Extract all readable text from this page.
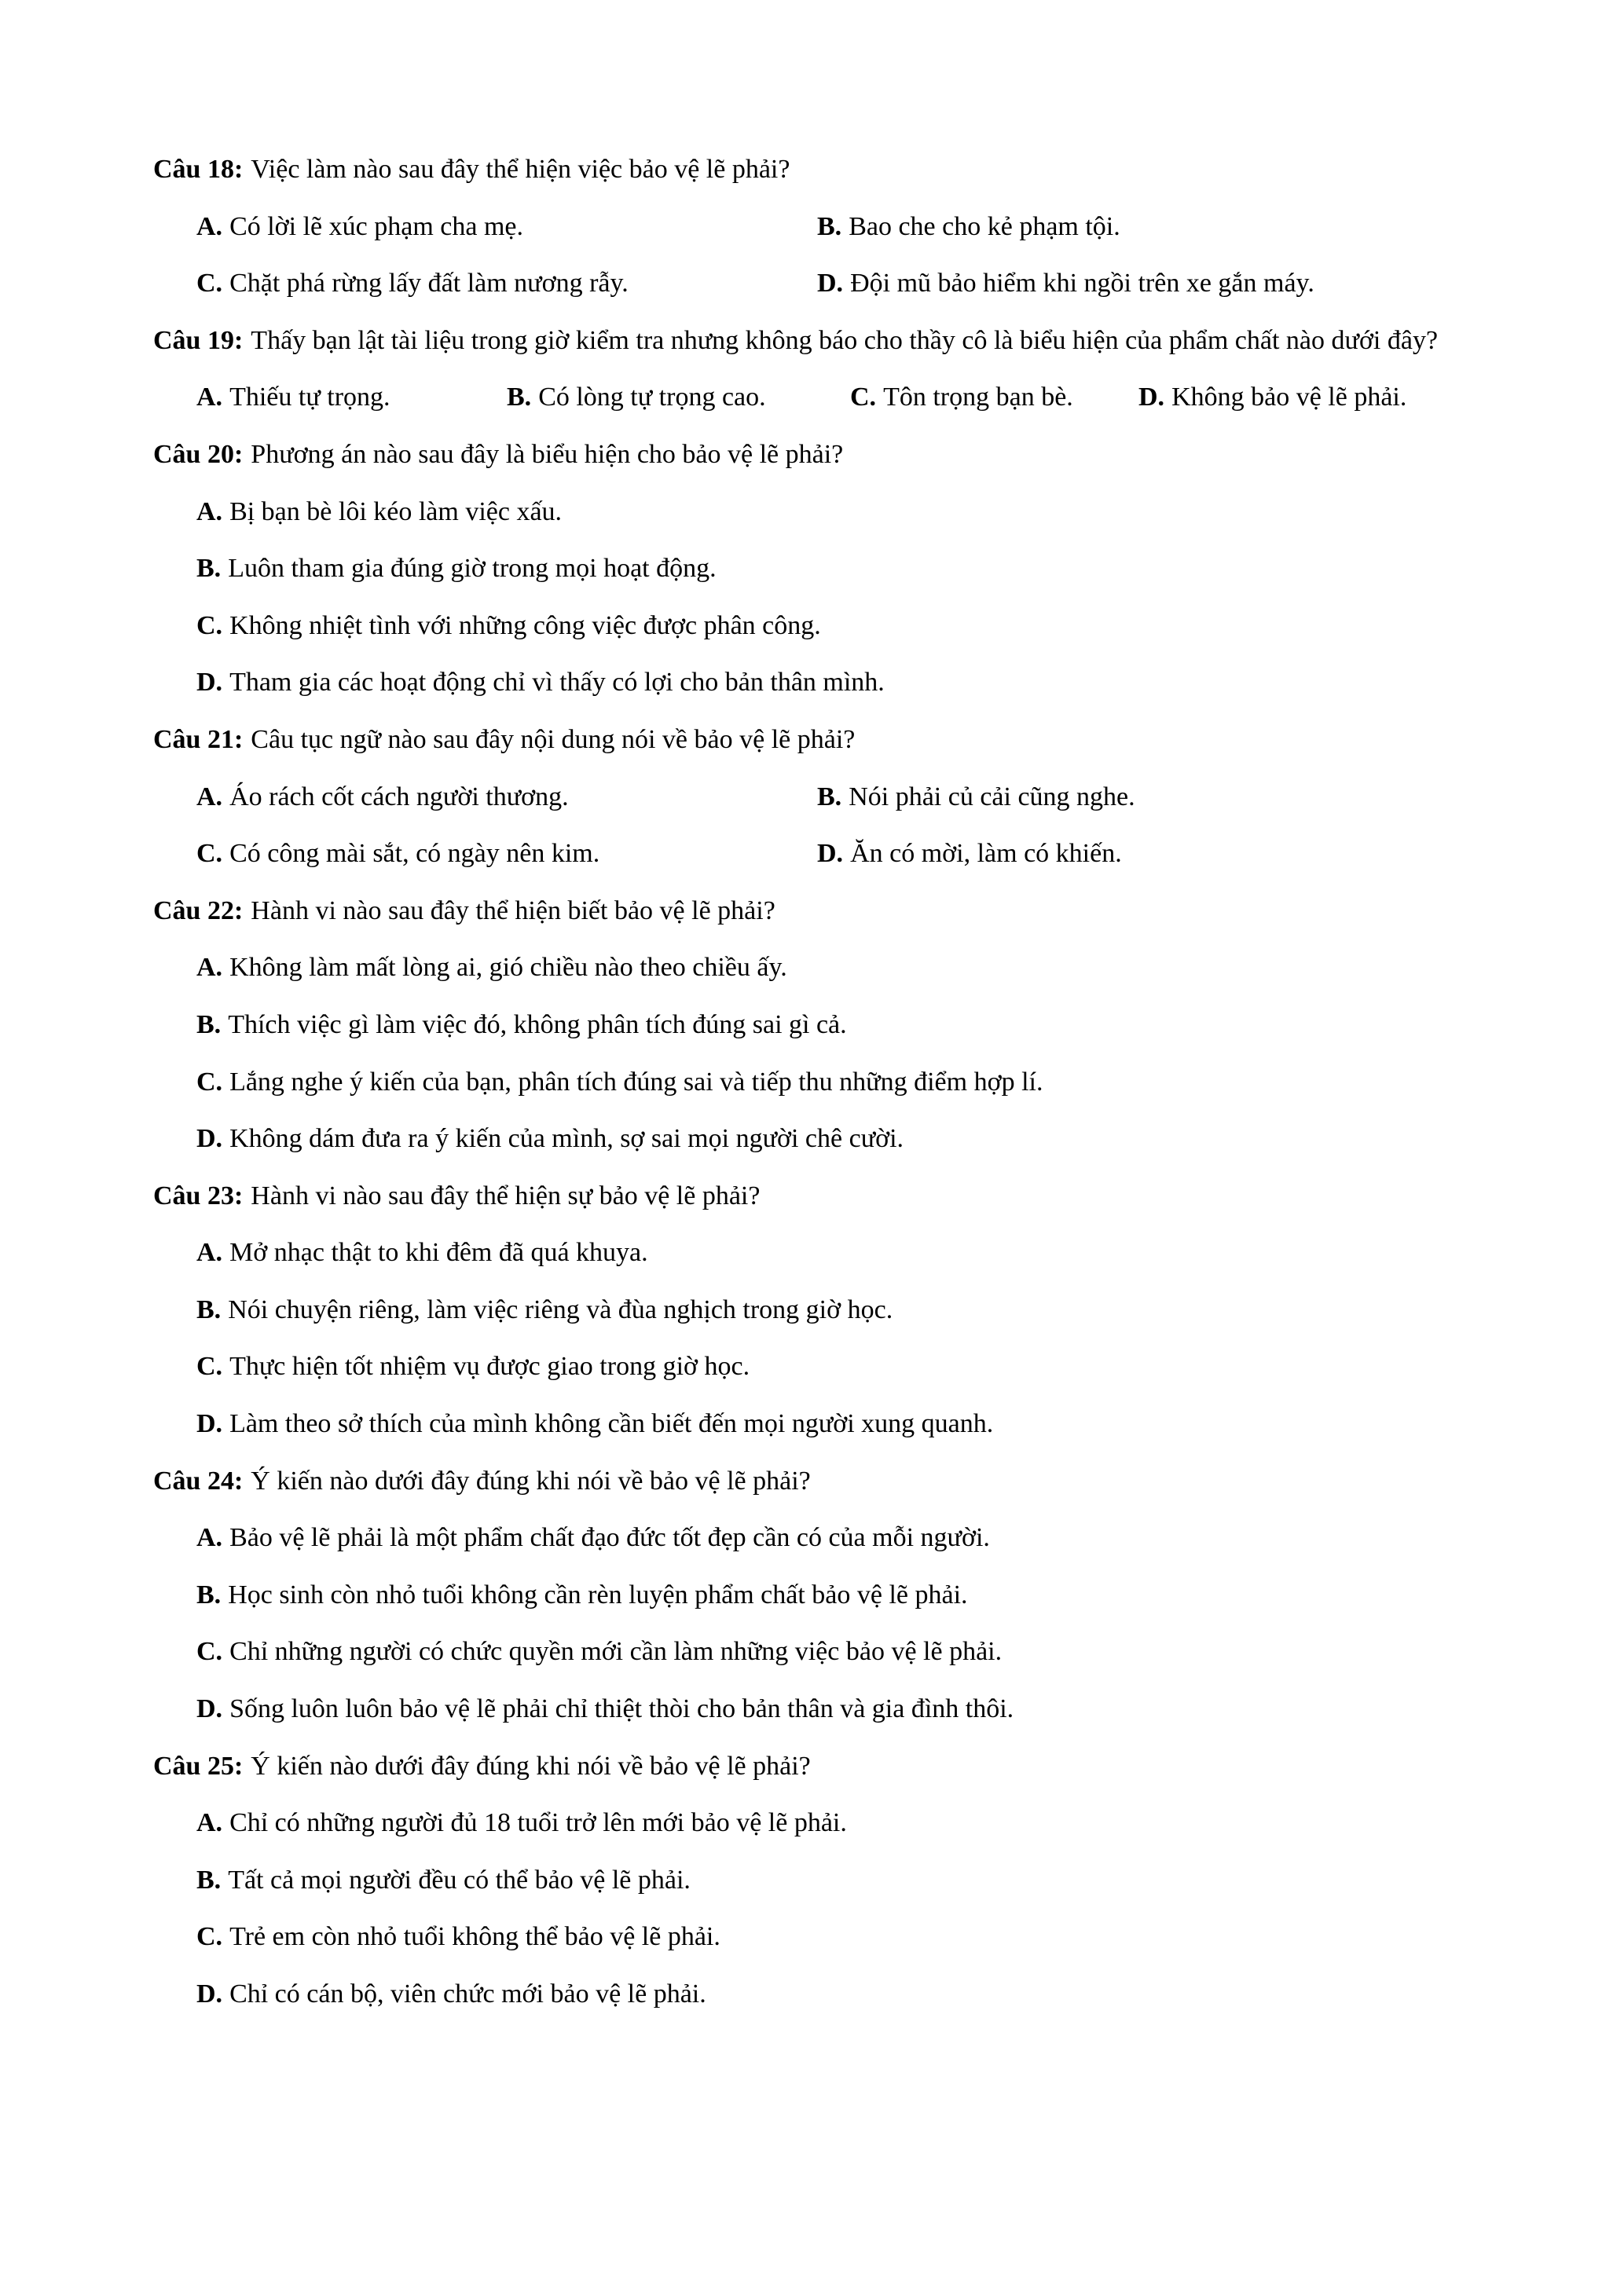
Câu 18: Việc làm nào sau đây thể hiện việc bảo vệ lẽ phải?

A. Có lời lẽ xúc phạm cha mẹ.	B. Bao che cho kẻ phạm tội.

C. Chặt phá rừng lấy đất làm nương rẫy.	D. Đội mũ bảo hiểm khi ngồi trên xe gắn máy.

Câu 19: Thấy bạn lật tài liệu trong giờ kiểm tra nhưng không báo cho thầy cô là biểu hiện của phẩm chất nào dưới đây?

A. Thiếu tự trọng.	B. Có lòng tự trọng cao.	C. Tôn trọng bạn bè.	D. Không bảo vệ lẽ phải.

Câu 20: Phương án nào sau đây là biểu hiện cho bảo vệ lẽ phải?

A. Bị bạn bè lôi kéo làm việc xấu.

B. Luôn tham gia đúng giờ trong mọi hoạt động.

C. Không nhiệt tình với những công việc được phân công.

D. Tham gia các hoạt động chỉ vì thấy có lợi cho bản thân mình.

Câu 21: Câu tục ngữ nào sau đây nội dung nói về bảo vệ lẽ phải?

A. Áo rách cốt cách người thương.	B. Nói phải củ cải cũng nghe.

C. Có công mài sắt, có ngày nên kim.	D. Ăn có mời, làm có khiến.

Câu 22: Hành vi nào sau đây thể hiện biết bảo vệ lẽ phải?

A. Không làm mất lòng ai, gió chiều nào theo chiều ấy.

B. Thích việc gì làm việc đó, không phân tích đúng sai gì cả.

C. Lắng nghe ý kiến của bạn, phân tích đúng sai và tiếp thu những điểm hợp lí.

D. Không dám đưa ra ý kiến của mình, sợ sai mọi người chê cười.

Câu 23: Hành vi nào sau đây thể hiện sự bảo vệ lẽ phải?

A. Mở nhạc thật to khi đêm đã quá khuya.

B. Nói chuyện riêng, làm việc riêng và đùa nghịch trong giờ học.

C. Thực hiện tốt nhiệm vụ được giao trong giờ học.

D. Làm theo sở thích của mình không cần biết đến mọi người xung quanh.

Câu 24: Ý kiến nào dưới đây đúng khi nói về bảo vệ lẽ phải?

A. Bảo vệ lẽ phải là một phẩm chất đạo đức tốt đẹp cần có của mỗi người.

B. Học sinh còn nhỏ tuổi không cần rèn luyện phẩm chất bảo vệ lẽ phải.

C. Chỉ những người có chức quyền mới cần làm những việc bảo vệ lẽ phải.

D. Sống luôn luôn bảo vệ lẽ phải chỉ thiệt thòi cho bản thân và gia đình thôi.

Câu 25: Ý kiến nào dưới đây đúng khi nói về bảo vệ lẽ phải?

A. Chỉ có những người đủ 18 tuổi trở lên mới bảo vệ lẽ phải.

B. Tất cả mọi người đều có thể bảo vệ lẽ phải.

C. Trẻ em còn nhỏ tuổi không thể bảo vệ lẽ phải.

D. Chỉ có cán bộ, viên chức mới bảo vệ lẽ phải.
